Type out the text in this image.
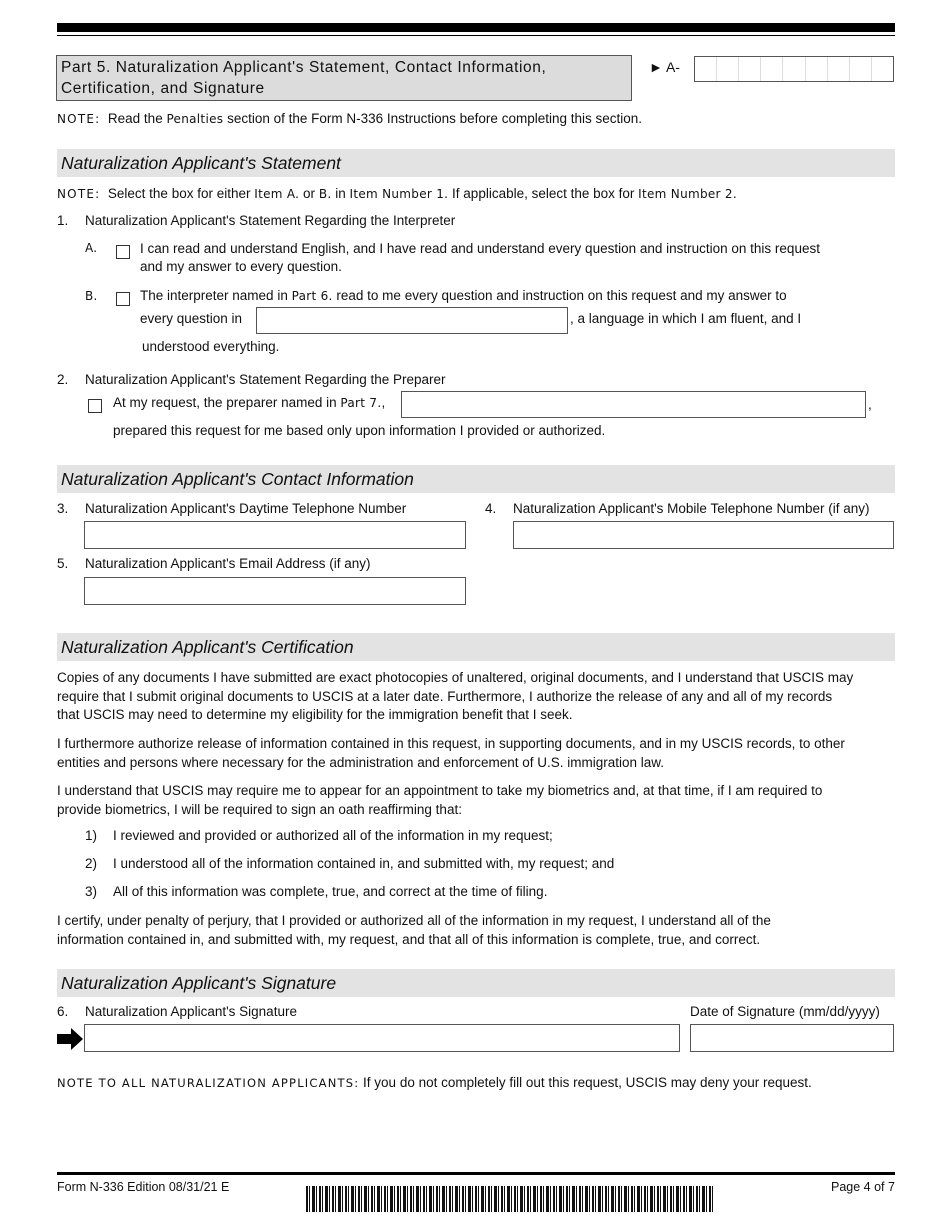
Part 5. Naturalization Applicant's Statement, Contact Information,
Certification, and Signature
► A-
NOTE: Read the Penalties section of the Form N-336 Instructions before completing this section.
Naturalization Applicant's Statement
NOTE: Select the box for either Item A. or B. in Item Number 1. If applicable, select the box for Item Number 2.
1. Naturalization Applicant's Statement Regarding the Interpreter
A.	I can read and understand English, and I have read and understand every question and instruction on this request
and my answer to every question.
B.	The interpreter named in Part 6. read to me every question and instruction on this request and my answer to
every question in	, a language in which I am fluent, and I
understood everything.
2. Naturalization Applicant's Statement Regarding the Preparer
At my request, the preparer named in Part 7.,	,
prepared this request for me based only upon information I provided or authorized.
Naturalization Applicant's Contact Information
3. Naturalization Applicant's Daytime Telephone Number	4. Naturalization Applicant's Mobile Telephone Number (if any)
5. Naturalization Applicant's Email Address (if any)
Naturalization Applicant's Certification
Copies of any documents I have submitted are exact photocopies of unaltered, original documents, and I understand that USCIS may
require that I submit original documents to USCIS at a later date. Furthermore, I authorize the release of any and all of my records
that USCIS may need to determine my eligibility for the immigration benefit that I seek.
I furthermore authorize release of information contained in this request, in supporting documents, and in my USCIS records, to other
entities and persons where necessary for the administration and enforcement of U.S. immigration law.
I understand that USCIS may require me to appear for an appointment to take my biometrics and, at that time, if I am required to
provide biometrics, I will be required to sign an oath reaffirming that:
1) I reviewed and provided or authorized all of the information in my request;
2) I understood all of the information contained in, and submitted with, my request; and
3) All of this information was complete, true, and correct at the time of filing.
I certify, under penalty of perjury, that I provided or authorized all of the information in my request, I understand all of the
information contained in, and submitted with, my request, and that all of this information is complete, true, and correct.
Naturalization Applicant's Signature
6. Naturalization Applicant's Signature	Date of Signature (mm/dd/yyyy)
NOTE TO ALL NATURALIZATION APPLICANTS: If you do not completely fill out this request, USCIS may deny your request.
Form N-336 Edition 08/31/21 E	Page 4 of 7
